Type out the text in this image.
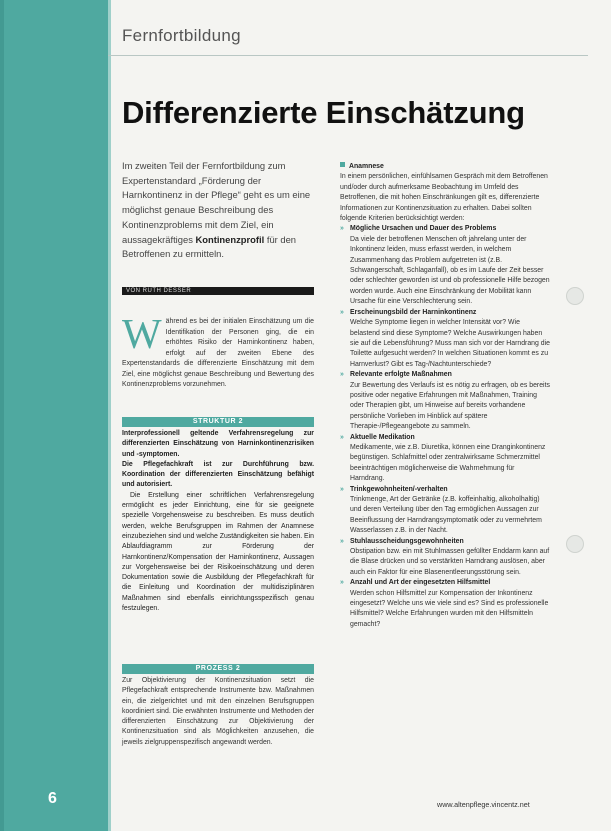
Fernfortbildung
Differenzierte Einschätzung
Im zweiten Teil der Fernfortbildung zum Expertenstandard „Förderung der Harnkontinenz in der Pflege“ geht es um eine möglichst genaue Beschreibung des Kontinenzproblems mit dem Ziel, ein aussagekräftiges Kontinenzprofil für den Betroffenen zu ermitteln.
VON RUTH DESSER
Während es bei der initialen Einschätzung um die Identifikation der Personen ging, die ein erhöhtes Risiko der Harninkontinenz haben, erfolgt auf der zweiten Ebene des Expertenstandards die differenzierte Einschätzung mit dem Ziel, eine möglichst genaue Beschreibung und Bewertung des Kontinenzproblems vorzunehmen.
STRUKTUR 2

Interprofessionell geltende Verfahrensregelung zur differenzierten Einschätzung von Harninkontinenzrisiken und -symptomen.

Die Pflegefachkraft ist zur Durchführung bzw. Koordination der differenzierten Einschätzung befähigt und autorisiert.

Die Erstellung einer schriftlichen Verfahrensregelung ermöglicht es jeder Einrichtung, eine für sie geeignete spezielle Vorgehensweise zu beschreiben. Es muss deutlich werden, welche Berufsgruppen im Rahmen der Anamnese einzubeziehen sind und welche Zuständigkeiten sie haben. Ein Ablaufdiagramm zur Förderung der Harnkontinenz/Kompensation der Harninkontinenz, Aussagen zur Vorgehensweise bei der Risikoeinschätzung und deren Dokumentation sowie die Ausbildung der Pflegefachkraft für die Einleitung und Koordination der multidisziplinären Maßnahmen sind ebenfalls einrichtungsspezifisch genau festzulegen.

PROZESS 2
Zur Objektivierung der Kontinenzsituation setzt die Pflegefachkraft entsprechende Instrumente bzw. Maßnahmen ein, die zielgerichtet und mit den einzelnen Berufsgruppen koordiniert sind. Die erwähnten Instrumente und Methoden der differenzierten Einschätzung zur Objektivierung der Kontinenzsituation sind als Möglichkeiten anzusehen, die jeweils zielgruppenspezifisch angewandt werden.

Anamnese

In einem persönlichen, einfühlsamen Gespräch mit dem Betroffenen und/oder durch aufmerksame Beobachtung im Umfeld des Betroffenen, die mit hohen Einschränkungen gilt es, differenzierte Informationen zur Kontinenzsituation zu erhalten. Dabei sollten folgende Kriterien berücksichtigt werden:

» Mögliche Ursachen und Dauer des Problems
Da viele der betroffenen Menschen oft jahrelang unter der Inkontinenz leiden, muss erfasst werden, in welchem Zusammenhang das Problem aufgetreten ist (z.B. Schwangerschaft, Schlaganfall), ob es im Laufe der Zeit besser oder schlechter geworden ist und ob professionelle Hilfe bezogen worden wurde. Auch eine Einschränkung der Mobilität kann Ursache für eine Verschlechterung sein.
» Erscheinungsbild der Harninkontinenz
Welche Symptome liegen in welcher Intensität vor? Wie belastend sind diese Symptome? Welche Auswirkungen haben sie auf die Lebensführung? Muss man sich vor der Harndrang die Toilette aufgesucht werden? In welchen Situationen kommt es zu Harnverlust? Gibt es Tag-/Nachtunterschiede?
» Relevante erfolgte Maßnahmen
Zur Bewertung des Verlaufs ist es nötig zu erfragen, ob es bereits positive oder negative Erfahrungen mit Maßnahmen, Training oder Therapien gibt, um Hinweise auf bereits vorhandene persönliche Vorlieben im Hinblick auf spätere Therapie-/Pflegeangebote zu sammeln.
» Aktuelle Medikation
Medikamente, wie z.B. Diuretika, können eine Dranginkontinenz begünstigen. Schlafmittel oder zentralwirksame Schmerzmittel beeinträchtigen möglicherweise die Wahrnehmung für Harndrang.
» Trinkgewohnheiten/-verhalten
Trinkmenge, Art der Getränke (z.B. koffeinhaltig, alkoholhaltig) und deren Verteilung über den Tag ermöglichen Aussagen zur Beeinflussung der Harndrangsymptomatik oder zu vermehrtem Wasserlassen z.B. in der Nacht.
» Stuhlausscheidungsgewohnheiten
Obstipation bzw. ein mit Stuhlmassen gefüllter Enddarm kann auf die Blase drücken und so verstärkten Harndrang auslösen, aber auch ein Faktor für eine Blasenentleerungsstörung sein.
» Anzahl und Art der eingesetzten Hilfsmittel
Werden schon Hilfsmittel zur Kompensation der Inkontinenz eingesetzt? Welche uns wie viele sind es? Sind es professionelle Hilfsmittel? Welche Erfahrungen wurden mit den Hilfsmitteln gemacht?
6	www.altenpflege.vincentz.net
